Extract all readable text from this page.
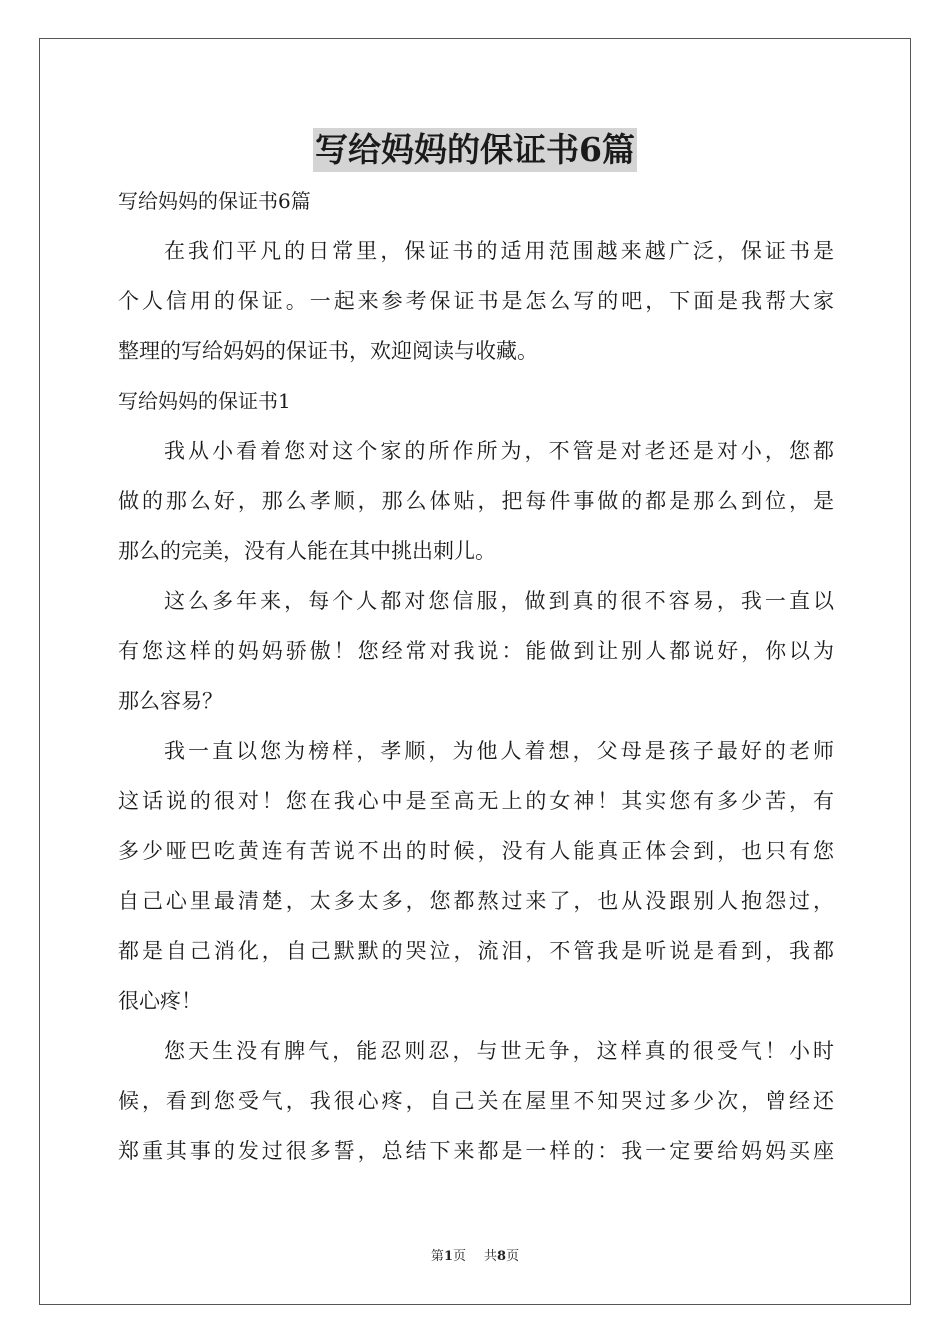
写给妈妈的保证书6篇
写给妈妈的保证书6篇
在我们平凡的日常里，保证书的适用范围越来越广泛，保证书是
个人信用的保证。一起来参考保证书是怎么写的吧，下面是我帮大家
整理的写给妈妈的保证书，欢迎阅读与收藏。
写给妈妈的保证书1
我从小看着您对这个家的所作所为，不管是对老还是对小，您都
做的那么好，那么孝顺，那么体贴，把每件事做的都是那么到位，是
那么的完美，没有人能在其中挑出刺儿。
这么多年来，每个人都对您信服，做到真的很不容易，我一直以
有您这样的妈妈骄傲！您经常对我说：能做到让别人都说好，你以为
那么容易？
我一直以您为榜样，孝顺，为他人着想，父母是孩子最好的老师
这话说的很对！您在我心中是至高无上的女神！其实您有多少苦，有
多少哑巴吃黄连有苦说不出的时候，没有人能真正体会到，也只有您
自己心里最清楚，太多太多，您都熬过来了，也从没跟别人抱怨过，
都是自己消化，自己默默的哭泣，流泪，不管我是听说是看到，我都
很心疼！
您天生没有脾气，能忍则忍，与世无争，这样真的很受气！小时
候，看到您受气，我很心疼，自己关在屋里不知哭过多少次，曾经还
郑重其事的发过很多誓，总结下来都是一样的：我一定要给妈妈买座
第1页 共8页
